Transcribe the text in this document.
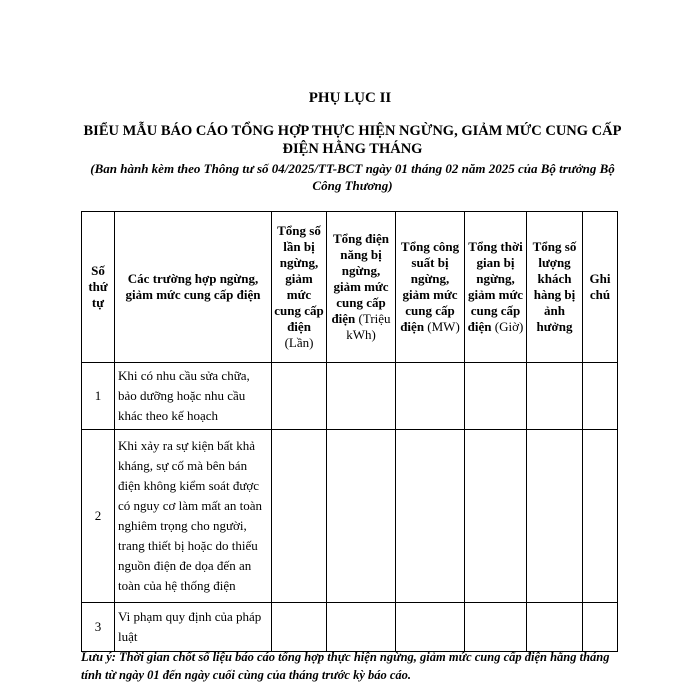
PHỤ LỤC II
BIỂU MẪU BÁO CÁO TỔNG HỢP THỰC HIỆN NGỪNG, GIẢM MỨC CUNG CẤP ĐIỆN HẰNG THÁNG
(Ban hành kèm theo Thông tư số 04/2025/TT-BCT ngày 01 tháng 02 năm 2025 của Bộ trưởng Bộ Công Thương)
Số thứ tự	Các trường hợp ngừng, giảm mức cung cấp điện	Tổng số lần bị ngừng, giảm mức cung cấp điện (Lần)	Tổng điện năng bị ngừng, giảm mức cung cấp điện (Triệu kWh)	Tổng công suất bị ngừng, giảm mức cung cấp điện (MW)	Tổng thời gian bị ngừng, giảm mức cung cấp điện (Giờ)	Tổng số lượng khách hàng bị ảnh hưởng	Ghi chú
1	Khi có nhu cầu sửa chữa, bảo dưỡng hoặc nhu cầu khác theo kế hoạch						
2	Khi xảy ra sự kiện bất khả kháng, sự cố mà bên bán điện không kiểm soát được có nguy cơ làm mất an toàn nghiêm trọng cho người, trang thiết bị hoặc do thiếu nguồn điện đe dọa đến an toàn của hệ thống điện						
3	Vi phạm quy định của pháp luật						
Lưu ý: Thời gian chốt số liệu báo cáo tổng hợp thực hiện ngừng, giảm mức cung cấp điện hằng tháng tính từ ngày 01 đến ngày cuối cùng của tháng trước kỳ báo cáo.
